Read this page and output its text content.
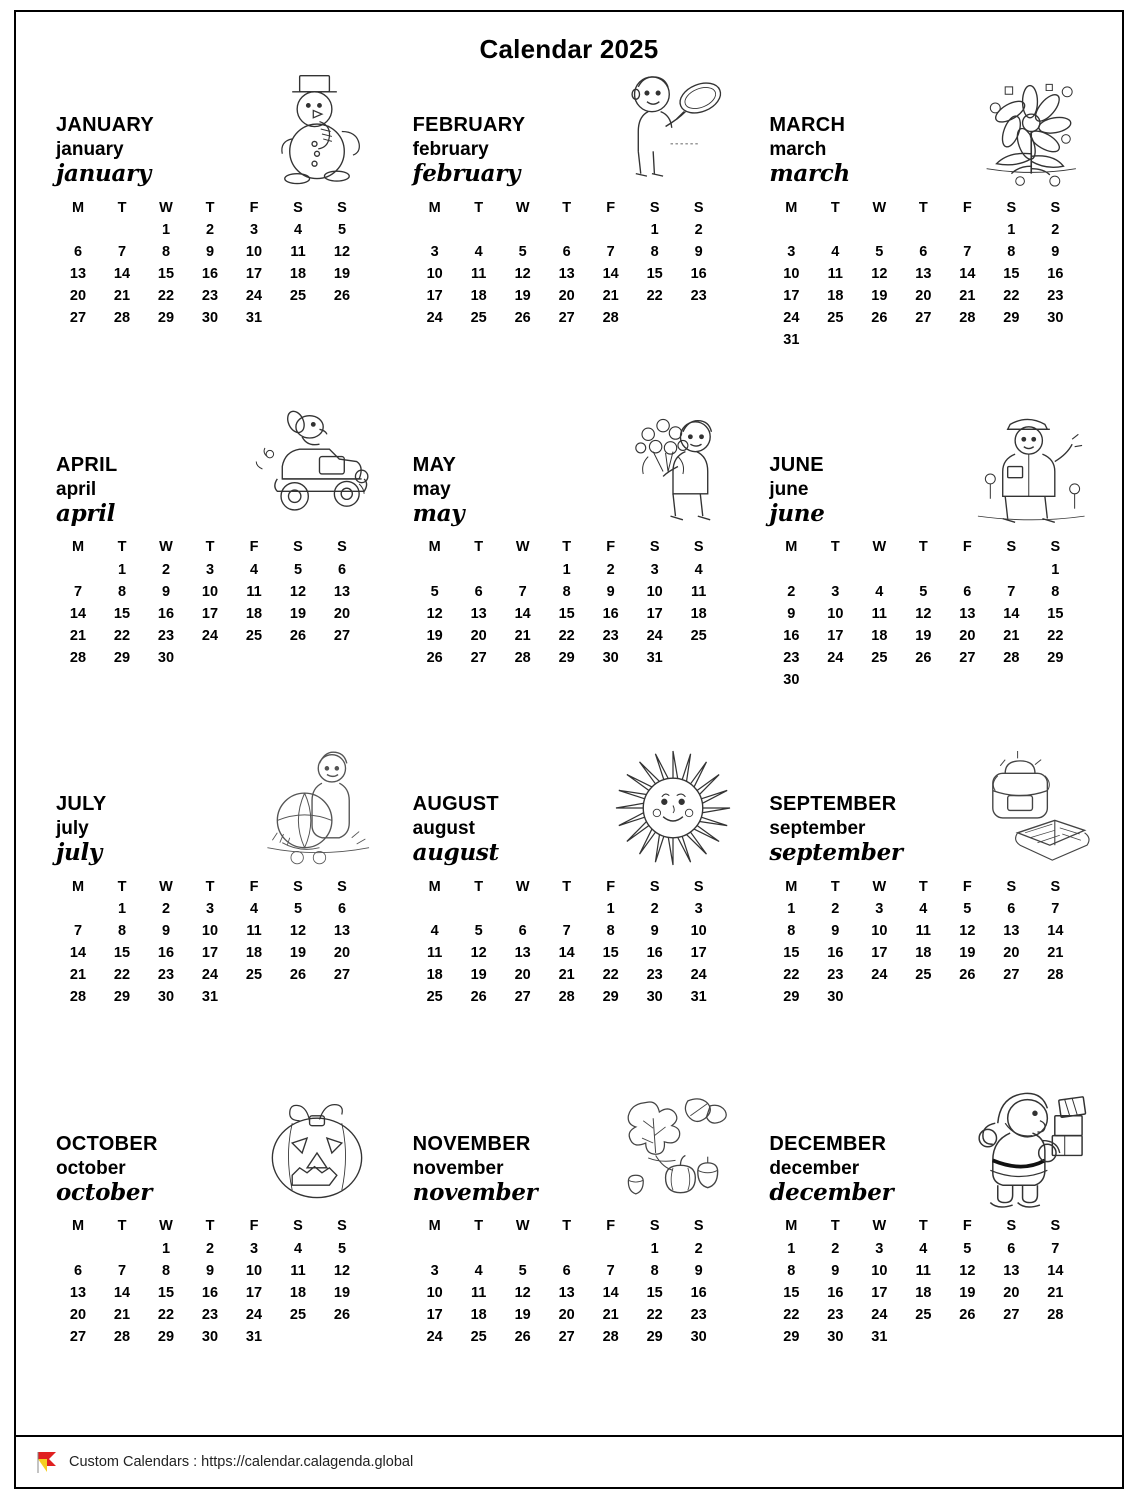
Calendar 2025
JANUARY
january
january
M	T	W	T	F	S	S
		1	2	3	4	5
6	7	8	9	10	11	12
13	14	15	16	17	18	19
20	21	22	23	24	25	26
27	28	29	30	31		
FEBRUARY
february
february
M	T	W	T	F	S	S
					1	2
3	4	5	6	7	8	9
10	11	12	13	14	15	16
17	18	19	20	21	22	23
24	25	26	27	28		
MARCH
march
march
M	T	W	T	F	S	S
					1	2
3	4	5	6	7	8	9
10	11	12	13	14	15	16
17	18	19	20	21	22	23
24	25	26	27	28	29	30
31						
APRIL
april
april
M	T	W	T	F	S	S
	1	2	3	4	5	6
7	8	9	10	11	12	13
14	15	16	17	18	19	20
21	22	23	24	25	26	27
28	29	30				
MAY
may
may
M	T	W	T	F	S	S
			1	2	3	4
5	6	7	8	9	10	11
12	13	14	15	16	17	18
19	20	21	22	23	24	25
26	27	28	29	30	31	
JUNE
june
june
M	T	W	T	F	S	S
						1
2	3	4	5	6	7	8
9	10	11	12	13	14	15
16	17	18	19	20	21	22
23	24	25	26	27	28	29
30						
JULY
july
july
M	T	W	T	F	S	S
	1	2	3	4	5	6
7	8	9	10	11	12	13
14	15	16	17	18	19	20
21	22	23	24	25	26	27
28	29	30	31			
AUGUST
august
august
M	T	W	T	F	S	S
				1	2	3
4	5	6	7	8	9	10
11	12	13	14	15	16	17
18	19	20	21	22	23	24
25	26	27	28	29	30	31
SEPTEMBER
september
september
M	T	W	T	F	S	S
1	2	3	4	5	6	7
8	9	10	11	12	13	14
15	16	17	18	19	20	21
22	23	24	25	26	27	28
29	30					
OCTOBER
october
october
M	T	W	T	F	S	S
		1	2	3	4	5
6	7	8	9	10	11	12
13	14	15	16	17	18	19
20	21	22	23	24	25	26
27	28	29	30	31		
NOVEMBER
november
november
M	T	W	T	F	S	S
					1	2
3	4	5	6	7	8	9
10	11	12	13	14	15	16
17	18	19	20	21	22	23
24	25	26	27	28	29	30
DECEMBER
december
december
M	T	W	T	F	S	S
1	2	3	4	5	6	7
8	9	10	11	12	13	14
15	16	17	18	19	20	21
22	23	24	25	26	27	28
29	30	31				
Custom Calendars : https://calendar.calagenda.global
